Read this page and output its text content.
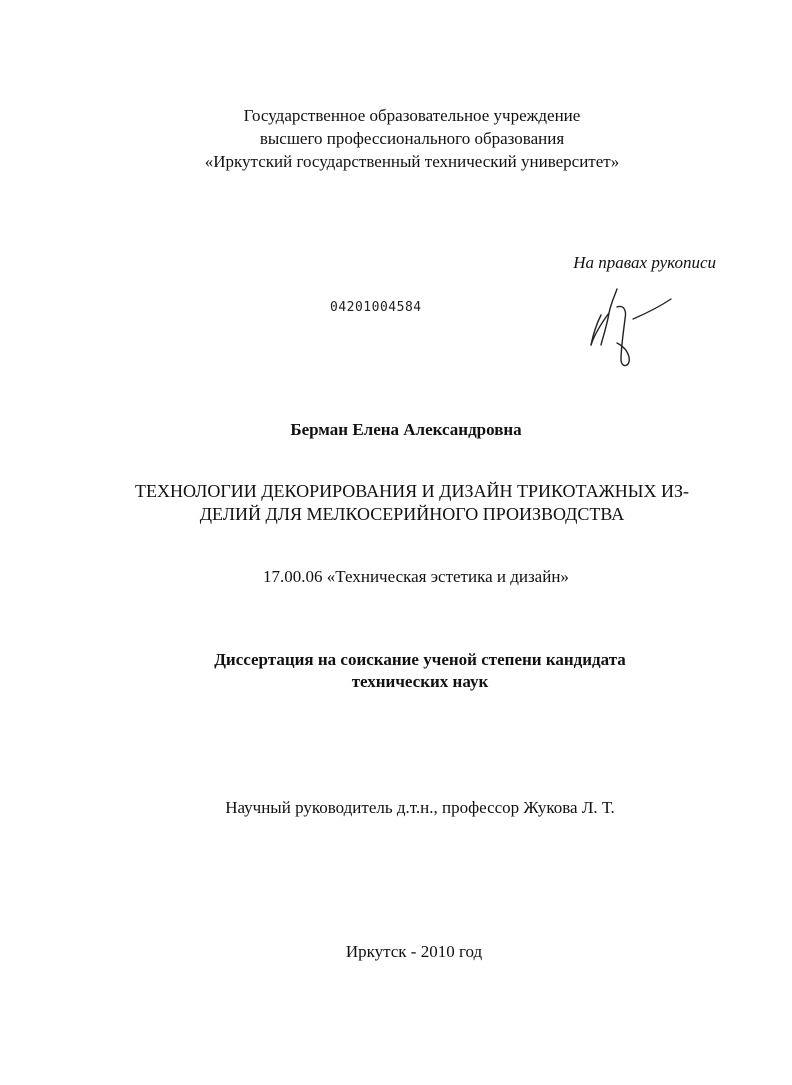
Государственное образовательное учреждение
высшего профессионального образования
«Иркутский государственный технический университет»
На правах рукописи
04201004584
Берман Елена Александровна
ТЕХНОЛОГИИ ДЕКОРИРОВАНИЯ И ДИЗАЙН ТРИКОТАЖНЫХ ИЗ-
ДЕЛИЙ ДЛЯ МЕЛКОСЕРИЙНОГО ПРОИЗВОДСТВА
17.00.06 «Техническая эстетика и дизайн»
Диссертация на соискание ученой степени кандидата
технических наук
Научный руководитель д.т.н., профессор Жукова Л. Т.
Иркутск - 2010 год
